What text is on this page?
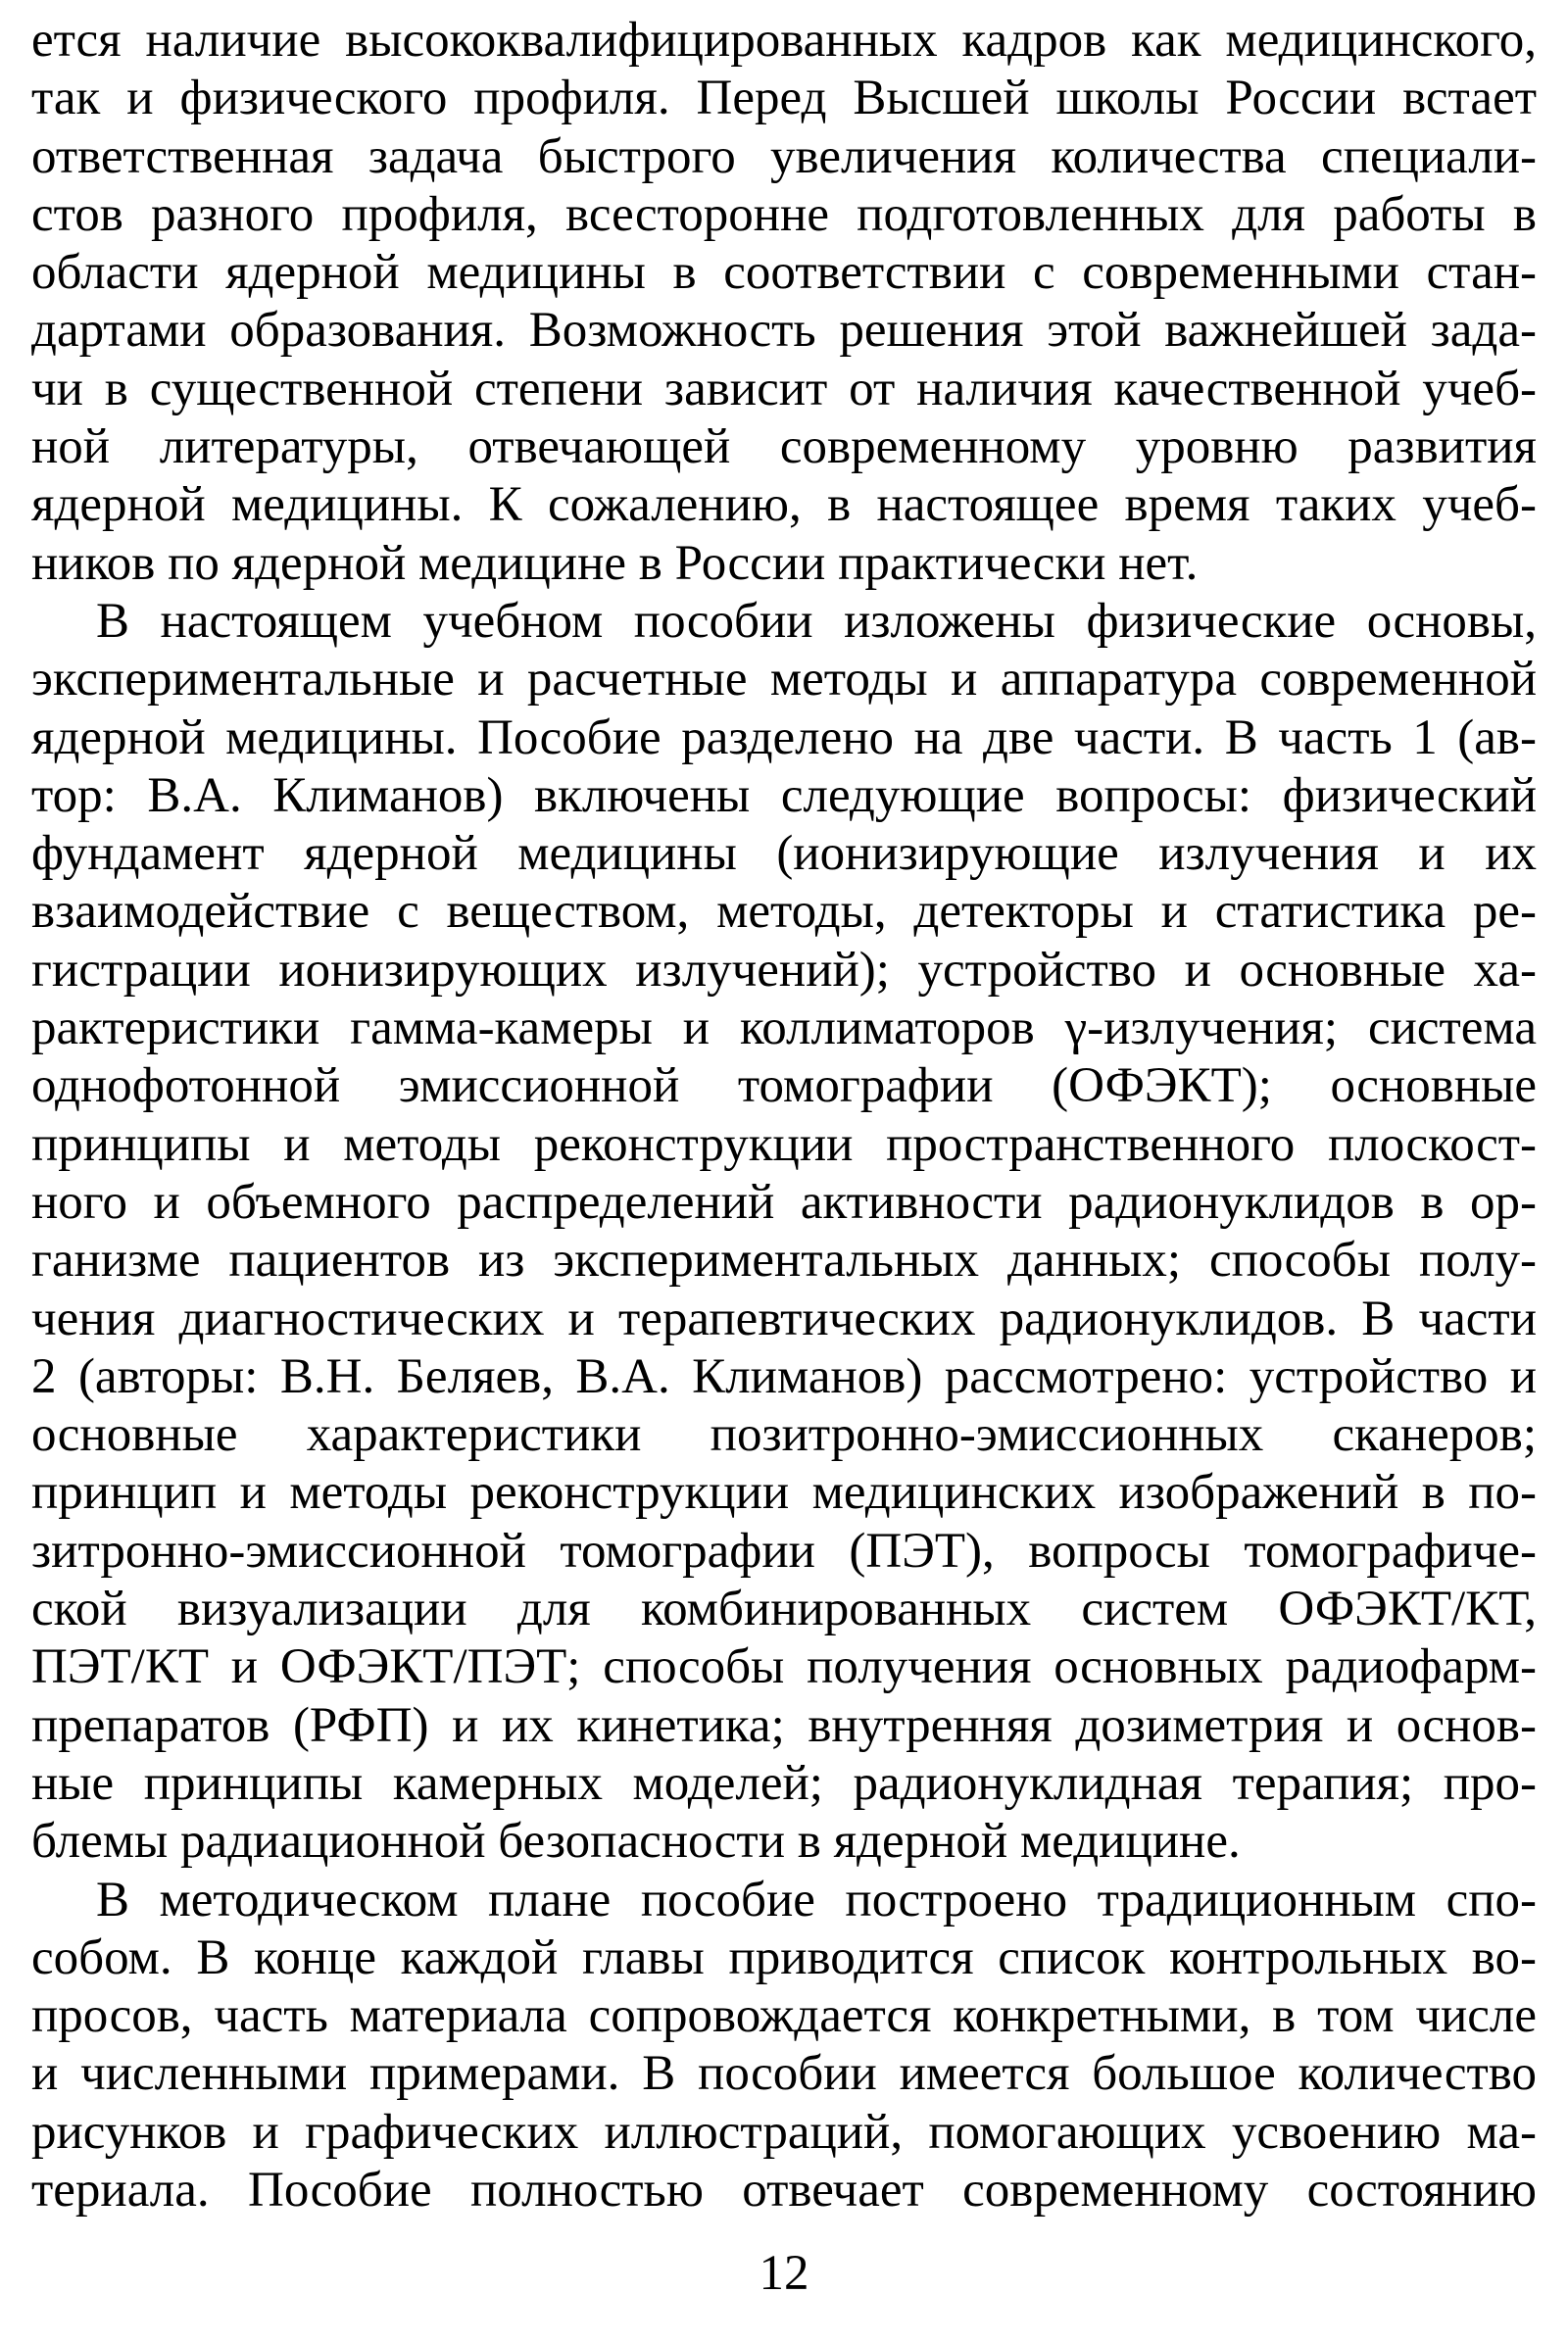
ется наличие высококвалифицированных кадров как медицинского,
так и физического профиля. Перед Высшей школы России встает
ответственная задача быстрого увеличения количества специали-
стов разного профиля, всесторонне подготовленных для работы в
области ядерной медицины в соответствии с современными стан-
дартами образования. Возможность решения этой важнейшей зада-
чи в существенной степени зависит от наличия качественной учеб-
ной литературы, отвечающей современному уровню развития
ядерной медицины. К сожалению, в настоящее время таких учеб-
ников по ядерной медицине в России практически нет.
В настоящем учебном пособии изложены физические основы,
экспериментальные и расчетные методы и аппаратура современной
ядерной медицины. Пособие разделено на две части. В часть 1 (ав-
тор: В.А. Климанов) включены следующие вопросы: физический
фундамент ядерной медицины (ионизирующие излучения и их
взаимодействие с веществом, методы, детекторы и статистика ре-
гистрации ионизирующих излучений); устройство и основные ха-
рактеристики гамма-камеры и коллиматоров γ-излучения; система
однофотонной эмиссионной томографии (ОФЭКТ); основные
принципы и методы реконструкции пространственного плоскост-
ного и объемного распределений активности радионуклидов в ор-
ганизме пациентов из экспериментальных данных; способы полу-
чения диагностических и терапевтических радионуклидов. В части
2 (авторы: В.Н. Беляев, В.А. Климанов) рассмотрено: устройство и
основные характеристики позитронно-эмиссионных сканеров;
принцип и методы реконструкции медицинских изображений в по-
зитронно-эмиссионной томографии (ПЭТ), вопросы томографиче-
ской визуализации для комбинированных систем ОФЭКТ/КТ,
ПЭТ/КТ и ОФЭКТ/ПЭТ; способы получения основных радиофарм-
препаратов (РФП) и их кинетика; внутренняя дозиметрия и основ-
ные принципы камерных моделей; радионуклидная терапия; про-
блемы радиационной безопасности в ядерной медицине.
В методическом плане пособие построено традиционным спо-
собом. В конце каждой главы приводится список контрольных во-
просов, часть материала сопровождается конкретными, в том числе
и численными примерами. В пособии имеется большое количество
рисунков и графических иллюстраций, помогающих усвоению ма-
териала. Пособие полностью отвечает современному состоянию
12
